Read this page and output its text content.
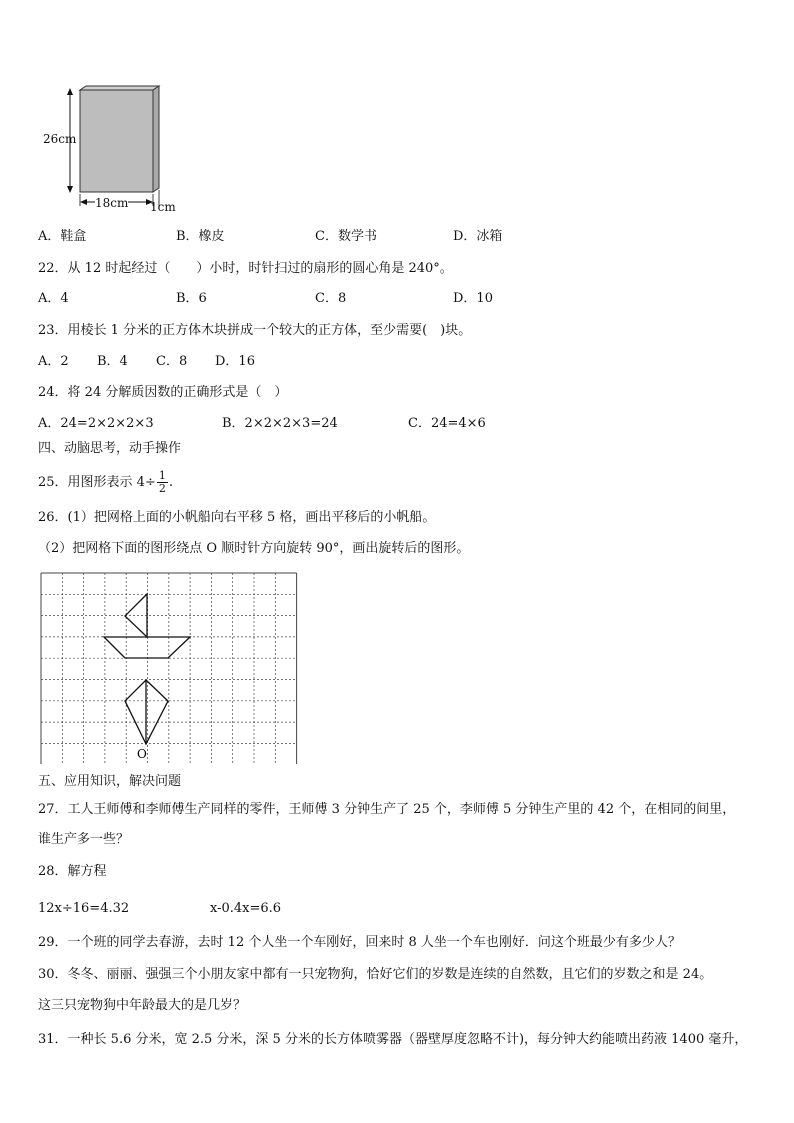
26cm
18cm 1cm
A．鞋盒	B．橡皮	C．数学书	D．冰箱
22．从 12 时起经过（　　）小时，时针扫过的扇形的圆心角是 240°。
A．4	B．6	C．8	D．10
23．用棱长 1 分米的正方体木块拼成一个较大的正方体，至少需要(　)块。
A．2 B．4 C．8 D．16
24．将 24 分解质因数的正确形式是（　）
A．24=2×2×2×3	B．2×2×2×3=24	C．24=4×6
四、动脑思考，动手操作
25．用图形表示 $4\div \frac{1}{2}$ .
26．(1）把网格上面的小帆船向右平移 5 格，画出平移后的小帆船。
（2）把网格下面的图形绕点 O 顺时针方向旋转 90°，画出旋转后的图形。
O
五、应用知识，解决问题
27．工人王师傅和李师傅生产同样的零件，王师傅 3 分钟生产了 25 个，李师傅 5 分钟生产里的 42 个，在相同的间里，
谁生产多一些？
28．解方程
12x÷16=4.32	x-0.4x=6.6
29．一个班的同学去春游，去时 12 个人坐一个车刚好，回来时 8 人坐一个车也刚好．问这个班最少有多少人？
30．冬冬、丽丽、强强三个小朋友家中都有一只宠物狗，恰好它们的岁数是连续的自然数，且它们的岁数之和是 24。
这三只宠物狗中年龄最大的是几岁？
31．一种长 5.6 分米，宽 2.5 分米，深 5 分米的长方体喷雾器（器壁厚度忽略不计)，每分钟大约能喷出药液 1400 毫升，
